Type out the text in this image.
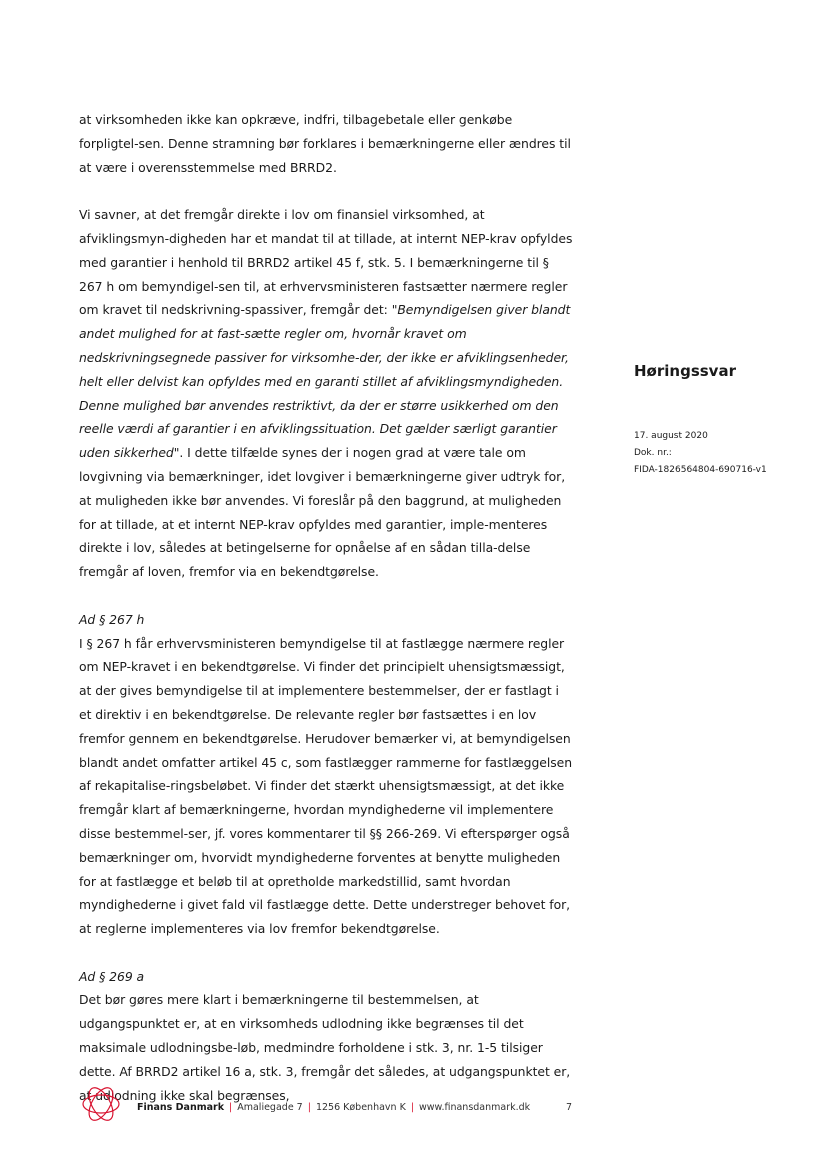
at virksomheden ikke kan opkræve, indfri, tilbagebetale eller genkøbe forpligtel-sen. Denne stramning bør forklares i bemærkningerne eller ændres til at være i overensstemmelse med BRRD2.

Vi savner, at det fremgår direkte i lov om finansiel virksomhed, at afviklingsmyn-digheden har et mandat til at tillade, at internt NEP-krav opfyldes med garantier i henhold til BRRD2 artikel 45 f, stk. 5. I bemærkningerne til § 267 h om bemyndigel-sen til, at erhvervsministeren fastsætter nærmere regler om kravet til nedskrivning-spassiver, fremgår det: "Bemyndigelsen giver blandt andet mulighed for at fast-sætte regler om, hvornår kravet om nedskrivningsegnede passiver for virksomhe-der, der ikke er afviklingsenheder, helt eller delvist kan opfyldes med en garanti stillet af afviklingsmyndigheden. Denne mulighed bør anvendes restriktivt, da der er større usikkerhed om den reelle værdi af garantier i en afviklingssituation. Det gælder særligt garantier uden sikkerhed". I dette tilfælde synes der i nogen grad at være tale om lovgivning via bemærkninger, idet lovgiver i bemærkningerne giver udtryk for, at muligheden ikke bør anvendes. Vi foreslår på den baggrund, at muligheden for at tillade, at et internt NEP-krav opfyldes med garantier, imple-menteres direkte i lov, således at betingelserne for opnåelse af en sådan tilla-delse fremgår af loven, fremfor via en bekendtgørelse.

Ad § 267 h

I § 267 h får erhvervsministeren bemyndigelse til at fastlægge nærmere regler om NEP-kravet i en bekendtgørelse. Vi finder det principielt uhensigtsmæssigt, at der gives bemyndigelse til at implementere bestemmelser, der er fastlagt i et direktiv i en bekendtgørelse. De relevante regler bør fastsættes i en lov fremfor gennem en bekendtgørelse. Herudover bemærker vi, at bemyndigelsen blandt andet omfatter artikel 45 c, som fastlægger rammerne for fastlæggelsen af rekapitalise-ringsbeløbet. Vi finder det stærkt uhensigtsmæssigt, at det ikke fremgår klart af bemærkningerne, hvordan myndighederne vil implementere disse bestemmel-ser, jf. vores kommentarer til §§ 266-269. Vi efterspørger også bemærkninger om, hvorvidt myndighederne forventes at benytte muligheden for at fastlægge et beløb til at opretholde markedstillid, samt hvordan myndighederne i givet fald vil fastlægge dette. Dette understreger behovet for, at reglerne implementeres via lov fremfor bekendtgørelse.

Ad § 269 a

Det bør gøres mere klart i bemærkningerne til bestemmelsen, at udgangspunktet er, at en virksomheds udlodning ikke begrænses til det maksimale udlodningsbe-løb, medmindre forholdene i stk. 3, nr. 1-5 tilsiger dette. Af BRRD2 artikel 16 a, stk. 3, fremgår det således, at udgangspunktet er, at udlodning ikke skal begrænses,

Høringssvar
17. august 2020
Dok. nr.:
FIDA-1826564804-690716-v1
Finans Danmark | Amaliegade 7 | 1256 København K | www.finansdanmark.dk	7
